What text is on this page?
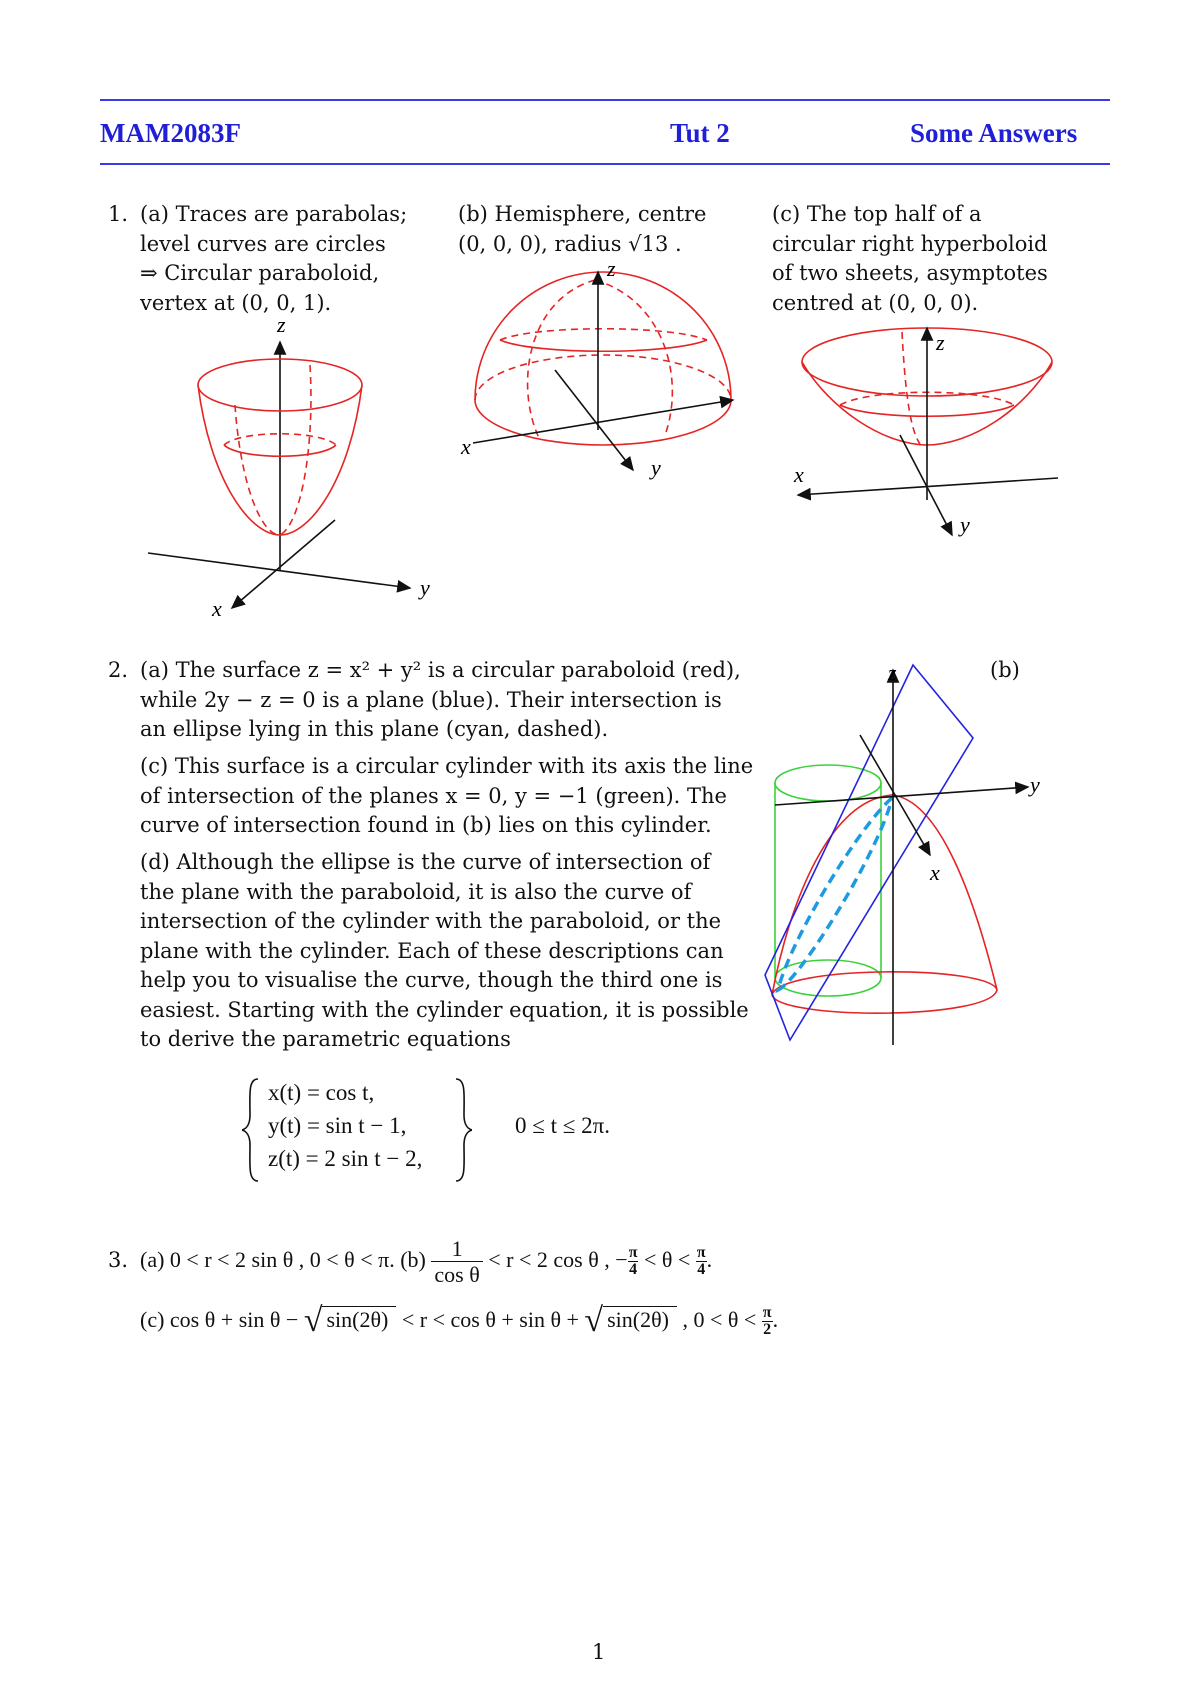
MAM2083F	Tut 2	Some Answers
1. (a) Traces are parabolas;

level curves are circles

⇒ Circular paraboloid,

vertex at (0, 0, 1).

(b) Hemisphere, centre

(0, 0, 0), radius √13 .

(c) The top half of a

circular right hyperboloid

of two sheets, asymptotes

centred at (0, 0, 0).

z
y
x
z
x
y
z
x
y
2. (a) The surface z = x² + y² is a circular paraboloid (red),

while 2y − z = 0 is a plane (blue). Their intersection is

an ellipse lying in this plane (cyan, dashed).

(c) This surface is a circular cylinder with its axis the line

of intersection of the planes x = 0, y = −1 (green). The

curve of intersection found in (b) lies on this cylinder.

(d) Although the ellipse is the curve of intersection of

the plane with the paraboloid, it is also the curve of

intersection of the cylinder with the paraboloid, or the

plane with the cylinder. Each of these descriptions can

help you to visualise the curve, though the third one is

easiest. Starting with the cylinder equation, it is possible

to derive the parametric equations

(b)
x(t) = cos t,
y(t) = sin t − 1,
z(t) = 2 sin t − 2,
0 ≤ t ≤ 2π.
z
y
x
3. (a) 0 < r < 2 sin θ , 0 < θ < π. $(b) \frac{1}{\text{cos θ}} < r < 2$ cos θ , − $\frac{\pi}{4} < \theta < \frac{\pi}{4}$ .
(c) cos θ + sin θ − √ sin(2θ) < r < cos θ + sin θ + √ sin(2θ) , $0 < \theta < \frac{\pi}{2}$ .
1
